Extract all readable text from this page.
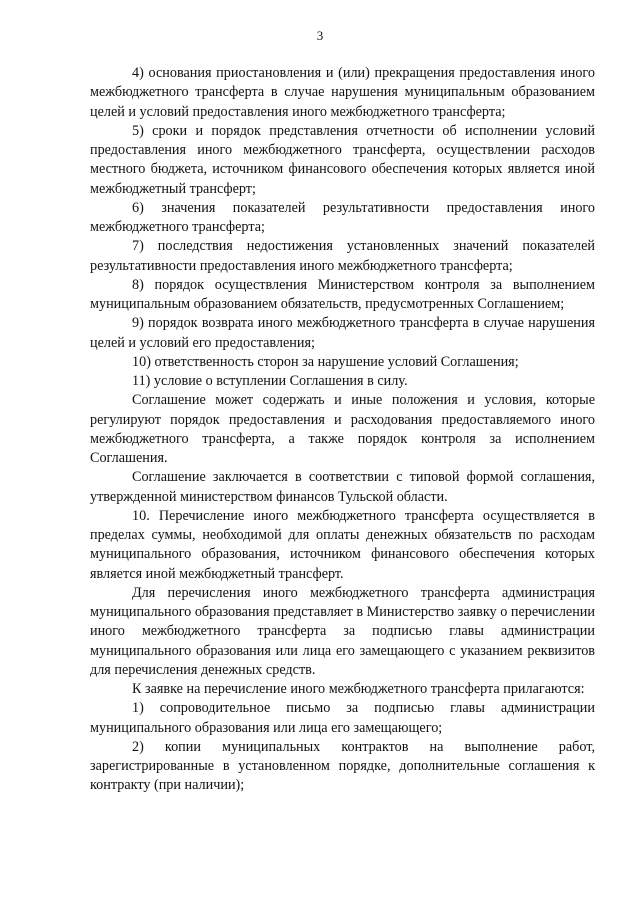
3

4) основания приостановления и (или) прекращения предоставления иного межбюджетного трансферта в случае нарушения муниципальным образованием целей и условий предоставления иного межбюджетного трансферта;

5) сроки и порядок представления отчетности об исполнении условий предоставления иного межбюджетного трансферта, осуществлении расходов местного бюджета, источником финансового обеспечения которых является иной межбюджетный трансферт;

6) значения показателей результативности предоставления иного межбюджетного трансферта;

7) последствия недостижения установленных значений показателей результативности предоставления иного межбюджетного трансферта;

8) порядок осуществления Министерством контроля за выполнением муниципальным образованием обязательств, предусмотренных Соглашением;

9) порядок возврата иного межбюджетного трансферта в случае нарушения целей и условий его предоставления;

10) ответственность сторон за нарушение условий Соглашения;

11) условие о вступлении Соглашения в силу.

Соглашение может содержать и иные положения и условия, которые регулируют порядок предоставления и расходования предоставляемого иного межбюджетного трансферта, а также порядок контроля за исполнением Соглашения.

Соглашение заключается в соответствии с типовой формой соглашения, утвержденной министерством финансов Тульской области.

10. Перечисление иного межбюджетного трансферта осуществляется в пределах суммы, необходимой для оплаты денежных обязательств по расходам муниципального образования, источником финансового обеспечения которых является иной межбюджетный трансферт.

Для перечисления иного межбюджетного трансферта администрация муниципального образования представляет в Министерство заявку о перечислении иного межбюджетного трансферта за подписью главы администрации муниципального образования или лица его замещающего с указанием реквизитов для перечисления денежных средств.

К заявке на перечисление иного межбюджетного трансферта прилагаются:

1) сопроводительное письмо за подписью главы администрации муниципального образования или лица его замещающего;

2) копии муниципальных контрактов на выполнение работ, зарегистрированные в установленном порядке, дополнительные соглашения к контракту (при наличии);
